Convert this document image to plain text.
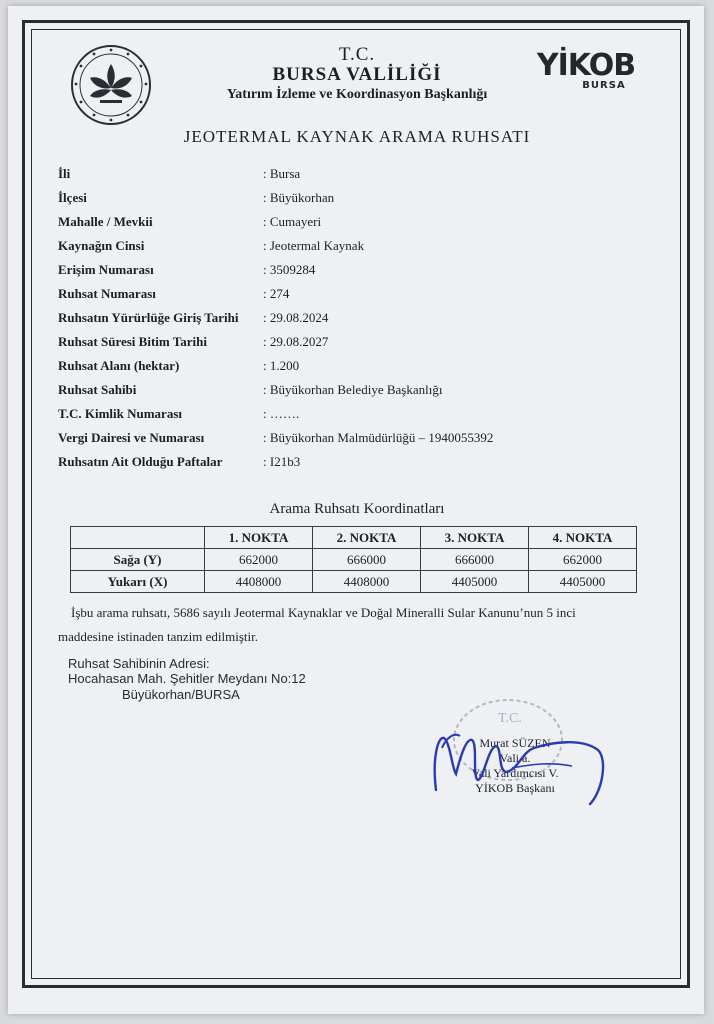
YİKOB
BURSA
T.C.
BURSA VALİLİĞİ
Yatırım İzleme ve Koordinasyon Başkanlığı
JEOTERMAL KAYNAK ARAMA RUHSATI
İli	: Bursa
İlçesi	: Büyükorhan
Mahalle / Mevkii	: Cumayeri
Kaynağın Cinsi	: Jeotermal Kaynak
Erişim Numarası	: 3509284
Ruhsat Numarası	: 274
Ruhsatın Yürürlüğe Giriş Tarihi : 29.08.2024
Ruhsat Süresi Bitim Tarihi	: 29.08.2027
Ruhsat Alanı (hektar)	: 1.200
Ruhsat Sahibi	: Büyükorhan Belediye Başkanlığı
T.C. Kimlik Numarası	: …….
Vergi Dairesi ve Numarası	: Büyükorhan Malmüdürlüğü – 1940055392
Ruhsatın Ait Olduğu Paftalar	: I21b3
Arama Ruhsatı Koordinatları
	1. NOKTA	2. NOKTA	3. NOKTA	4. NOKTA
Sağa (Y)	662000	666000	666000	662000
Yukarı (X)	4408000	4408000	4405000	4405000
İşbu arama ruhsatı, 5686 sayılı Jeotermal Kaynaklar ve Doğal Mineralli Sular Kanunu’nun 5 inci
maddesine istinaden tanzim edilmiştir.
Ruhsat Sahibinin Adresi:
Hocahasan Mah. Şehitler Meydanı No:12
Büyükorhan/BURSA
T.C.
Murat SÜZEN
Vali a.
Vali Yardımcısı V.
YİKOB Başkanı
